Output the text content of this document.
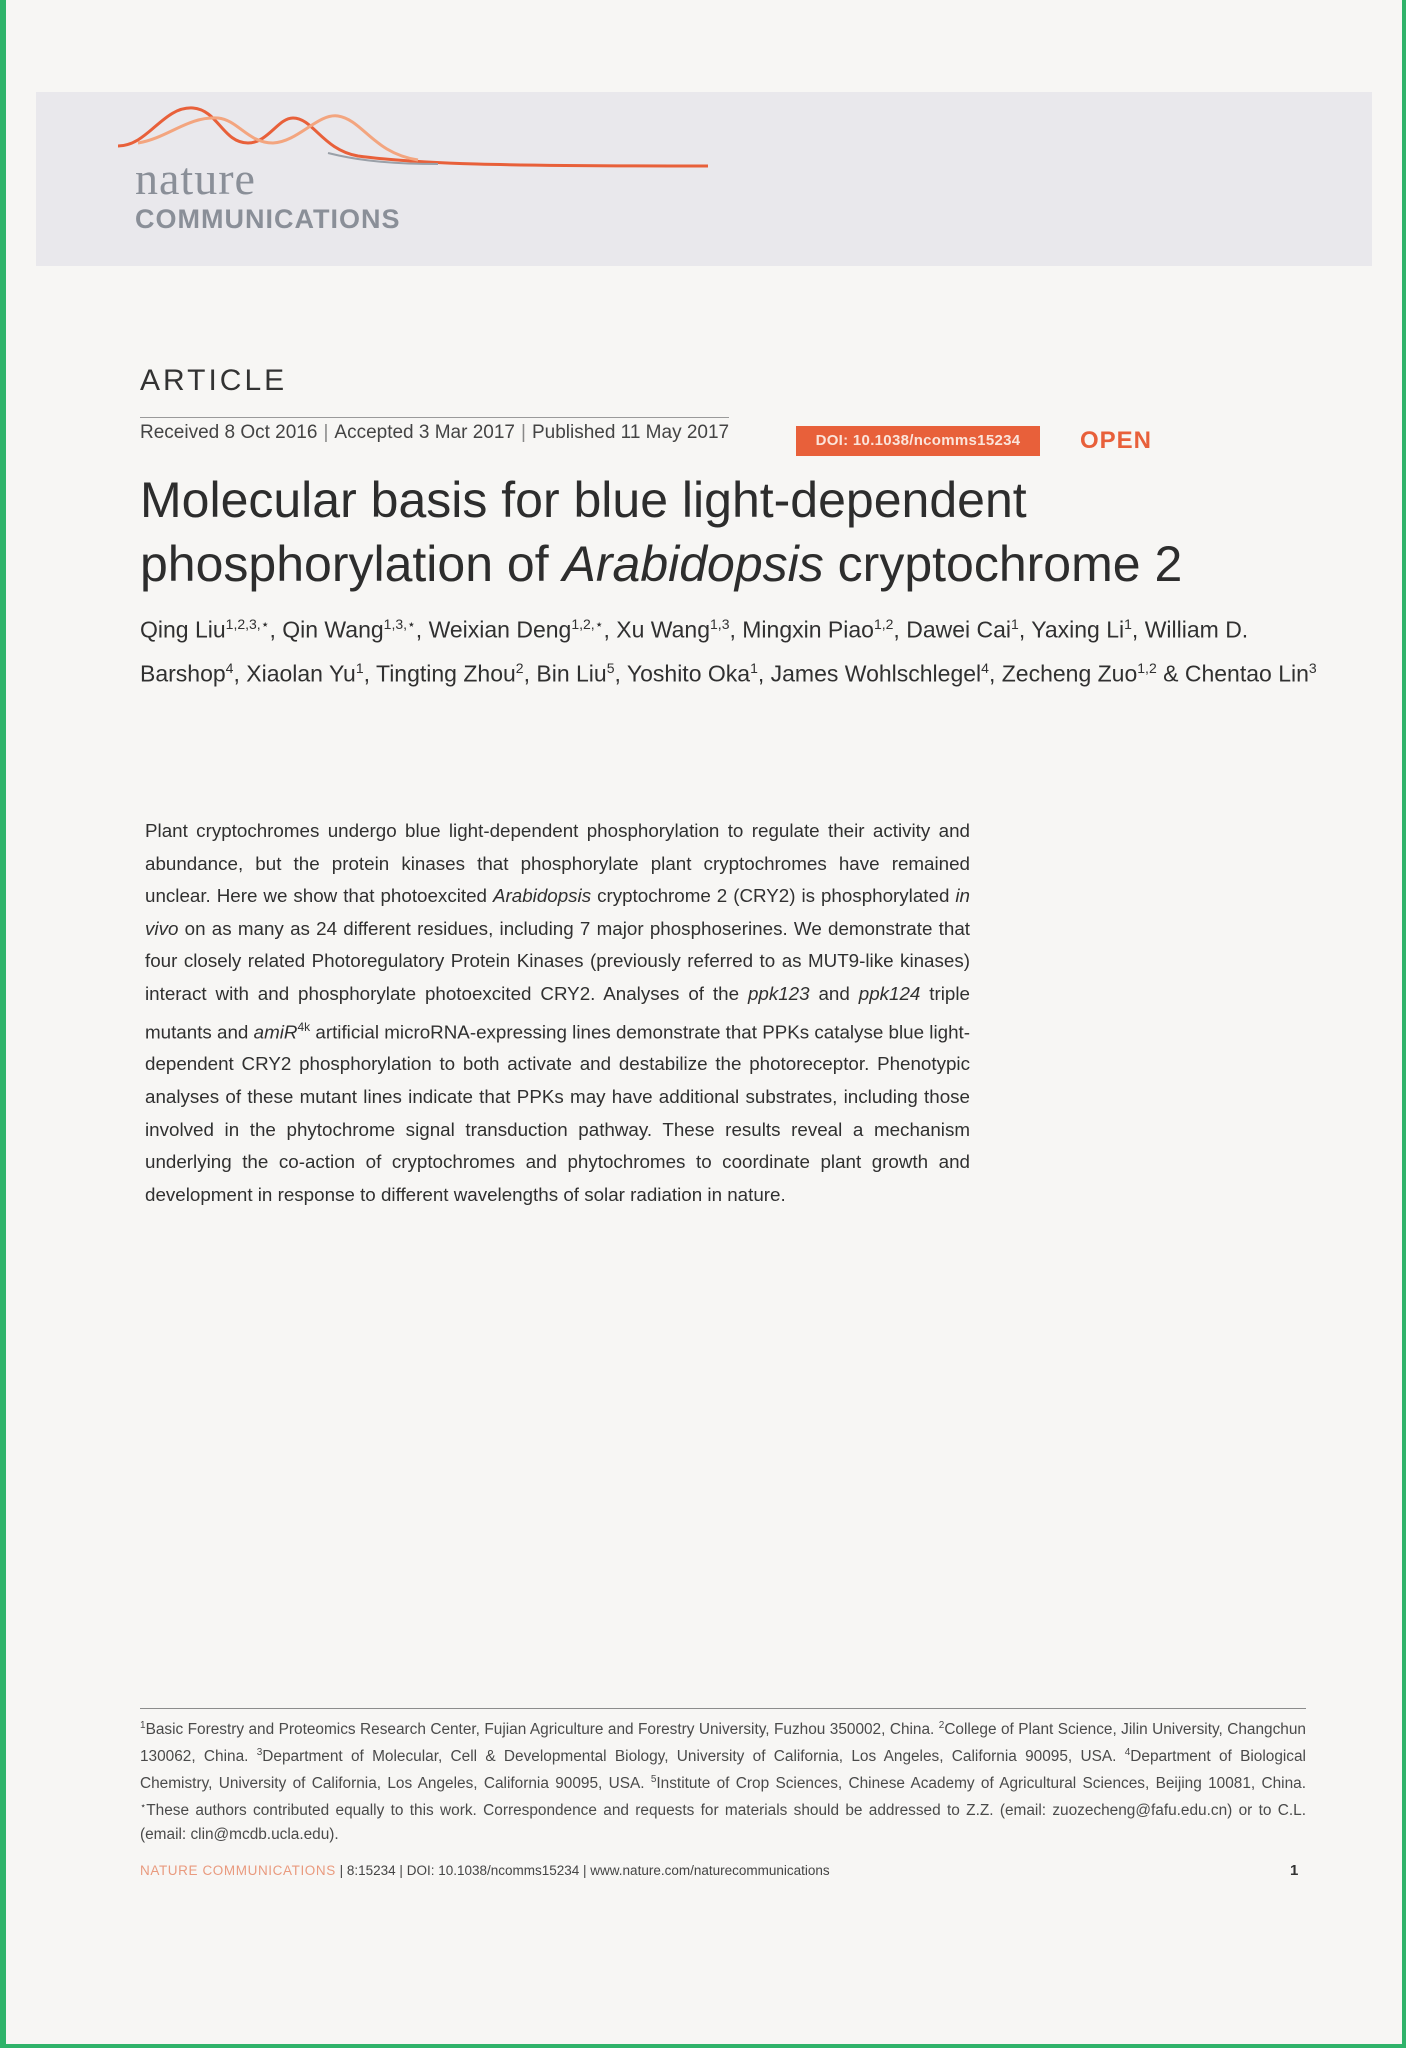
nature
COMMUNICATIONS
ARTICLE
Received 8 Oct 2016 | Accepted 3 Mar 2017 | Published 11 May 2017	DOI: 10.1038/ncomms15234	OPEN
Molecular basis for blue light-dependent phosphorylation of Arabidopsis cryptochrome 2
Qing Liu$^{1,2,3,⋆}$, Qin Wang$^{1,3,⋆}$, Weixian Deng$^{1,2,⋆}$, Xu Wang$^{1,3}$, Mingxin Piao$^{1,2}$, Dawei Cai$^1$, Yaxing Li$^1$, William D. Barshop$^4$, Xiaolan Yu$^1$, Tingting Zhou$^2$, Bin Liu$^5$, Yoshito Oka$^1$, James Wohlschlegel$^4$, Zecheng Zuo$^{1,2}$ & Chentao Lin$^3$
Plant cryptochromes undergo blue light-dependent phosphorylation to regulate their activity and abundance, but the protein kinases that phosphorylate plant cryptochromes have remained unclear. Here we show that photoexcited Arabidopsis cryptochrome 2 (CRY2) is phosphorylated in vivo on as many as 24 different residues, including 7 major phosphoserines. We demonstrate that four closely related Photoregulatory Protein Kinases (previously referred to as MUT9-like kinases) interact with and phosphorylate photoexcited CRY2. Analyses of the ppk123 and ppk124 triple mutants and amiR$^{4k}$ artificial microRNA-expressing lines demonstrate that PPKs catalyse blue light-dependent CRY2 phosphorylation to both activate and destabilize the photoreceptor. Phenotypic analyses of these mutant lines indicate that PPKs may have additional substrates, including those involved in the phytochrome signal transduction pathway. These results reveal a mechanism underlying the co-action of cryptochromes and phytochromes to coordinate plant growth and development in response to different wavelengths of solar radiation in nature.
$^1$Basic Forestry and Proteomics Research Center, Fujian Agriculture and Forestry University, Fuzhou 350002, China. $^2$College of Plant Science, Jilin University, Changchun 130062, China. $^3$Department of Molecular, Cell & Developmental Biology, University of California, Los Angeles, California 90095, USA. $^4$Department of Biological Chemistry, University of California, Los Angeles, California 90095, USA. $^5$Institute of Crop Sciences, Chinese Academy of Agricultural Sciences, Beijing 10081, China. ⋆These authors contributed equally to this work. Correspondence and requests for materials should be addressed to Z.Z. (email: zuozecheng@fafu.edu.cn) or to C.L. (email: clin@mcdb.ucla.edu).
NATURE COMMUNICATIONS | 8:15234 | DOI: 10.1038/ncomms15234 | www.nature.com/naturecommunications	1
